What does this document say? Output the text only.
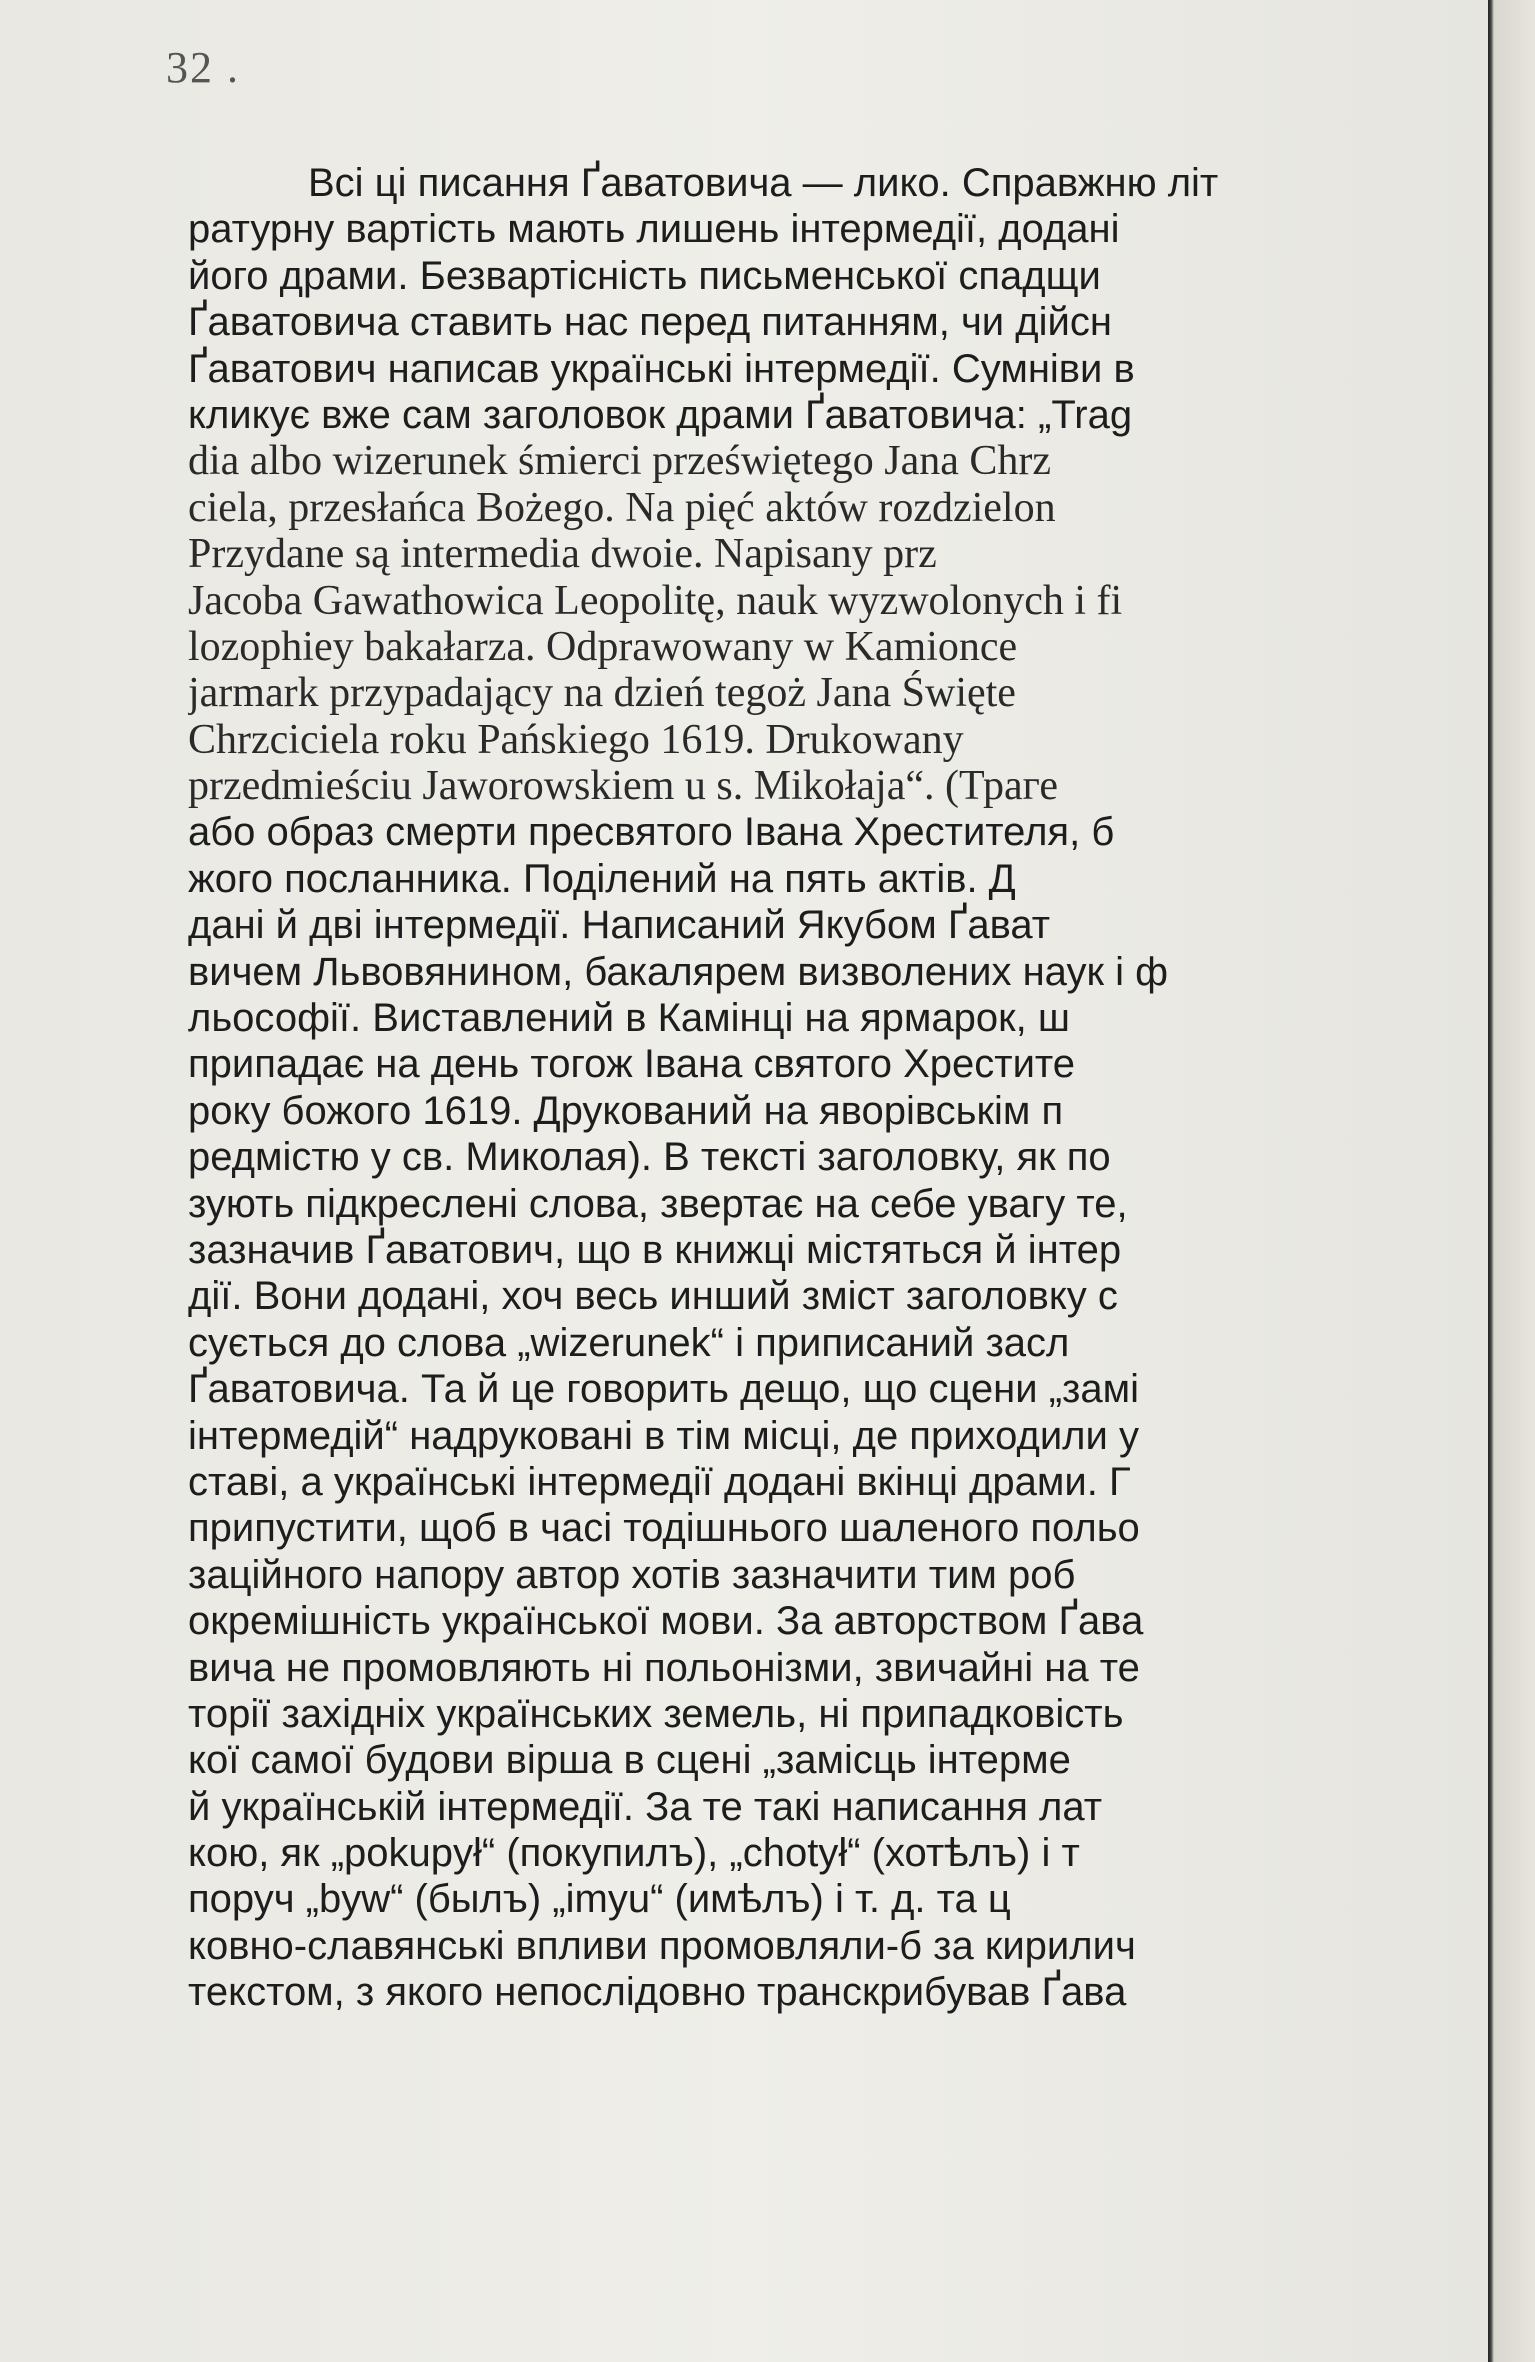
32 .
Всі ці писання Ґаватовича — лико. Справжню літ
ратурну вартість мають лишень інтермедії, додані
його драми. Безвартісність письменської спадщи
Ґаватовича ставить нас перед питанням, чи дійсн
Ґаватович написав українські інтермедії. Сумніви в
кликує вже сам заголовок драми Ґаватовича: „Trag
dia albo wizerunek śmierci przeświętego Jana Chrz
ciela, przesłańca Bożego. Na pięć aktów rozdzielon
Przydane są intermedia dwoie. Napisany prz
Jacoba Gawathowica Leopolitę, nauk wyzwolonych i fi
lozophiey bakałarza. Odprawowany w Kamionce
jarmark przypadający na dzień tegoż Jana Święte
Chrzciciela roku Pańskiego 1619. Drukowany
przedmieściu Jaworowskiem u s. Mikołaja“. (Траге
або образ смерти пресвятого Івана Хрестителя, б
жого посланника. Поділений на пять актів. Д
дані й дві інтермедії. Написаний Якубом Ґават
вичем Львовянином, бакалярем визволених наук і ф
льософії. Виставлений в Камінці на ярмарок, ш
припадає на день тогож Івана святого Хрестите
року божого 1619. Друкований на яворівськім п
редмістю у св. Миколая). В тексті заголовку, як по
зують підкреслені слова, звертає на себе увагу те,
зазначив Ґаватович, що в книжці містяться й інтер
дії. Вони додані, хоч весь инший зміст заголовку с
сується до слова „wizerunek“ і приписаний засл
Ґаватовича. Та й це говорить дещо, що сцени „замі
інтермедій“ надруковані в тім місці, де приходили у
ставі, а українські інтермедії додані вкінці драми. Г
припустити, щоб в часі тодішнього шаленого польо
заційного напору автор хотів зазначити тим роб
окремішність української мови. За авторством Ґава
вича не промовляють ні польонізми, звичайні на те
торії західніх українських земель, ні припадковість
кої самої будови вірша в сцені „замісць інтерме
й українській інтермедії. За те такі написання лат
кою, як „pokupył“ (покупилъ), „chotył“ (хотѣлъ) і т
поруч „byw“ (былъ) „imyu“ (имѣлъ) і т. д. та ц
ковно-славянські впливи промовляли-б за кирилич
текстом, з якого непослідовно транскрибував Ґава
